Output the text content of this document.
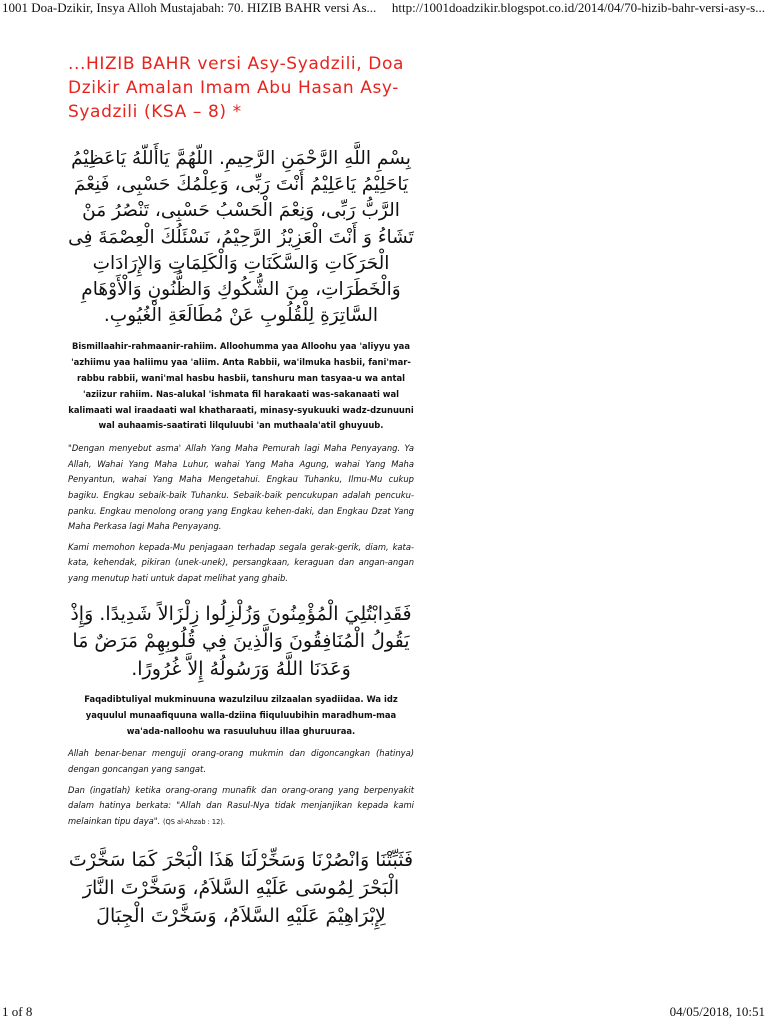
1001 Doa-Dzikir, Insya Alloh Mustajabah: 70. HIZIB BAHR versi As... http://1001doadzikir.blogspot.co.id/2014/04/70-hizib-bahr-versi-asy-s...
...HIZIB BAHR versi Asy-Syadzili, Doa Dzikir Amalan Imam Abu Hasan Asy-Syadzili (KSA – 8) *

بِسْمِ اللَّهِ الرَّحْمَنِ الرَّحِيمِ. اللّهُمَّ يَاأَللّهُ يَاعَظِيْمُ يَاحَلِيْمُ يَاعَلِيْمُ أَنْتَ رَبِّى، وَعِلْمُكَ حَسْبِى، فَنِعْمَ الرَّبُّ رَبِّى، وَنِعْمَ الْحَسْبُ حَسْبِى، تَنْصُرُ مَنْ تَشَاءُ وَ أَنْتَ الْعَزِيْزُ الرَّحِيْمُ، نَسْئَلُكَ الْعِصْمَةَ فِى الْحَرَكَاتِ وَالسَّكَنَاتِ وَالْكَلِمَاتِ وَالإِرَادَاتِ وَالْخَطَرَاتِ، مِنَ الشُّكُوكِ وَالظُّنُونِ وَالْأَوْهَامِ السَّاتِرَةِ لِلْقُلُوبِ عَنْ مُطَالَعَةِ الْغُيُوبِ.

Bismillaahir-rahmaanir-rahiim. Alloohumma yaa Alloohu yaa 'aliyyu yaa 'azhiimu yaa haliimu yaa 'aliim. Anta Rabbii, wa'ilmuka hasbii, fani'mar-rabbu rabbii, wani'mal hasbu hasbii, tanshuru man tasyaa-u wa antal 'aziizur rahiim. Nas-alukal 'ishmata fil harakaati was-sakanaati wal kalimaati wal iraadaati wal khatharaati, minasy-syukuuki wadz-dzunuuni wal auhaamis-saatirati lilquluubi 'an muthaala'atil ghuyuub.

"Dengan menyebut asma' Allah Yang Maha Pemurah lagi Maha Penyayang. Ya Allah, Wahai Yang Maha Luhur, wahai Yang Maha Agung, wahai Yang Maha Penyantun, wahai Yang Maha Mengetahui. Engkau Tuhanku, Ilmu-Mu cukup bagiku. Engkau sebaik-baik Tuhanku. Sebaik-baik pencukupan adalah pencuku-panku. Engkau menolong orang yang Engkau kehen-daki, dan Engkau Dzat Yang Maha Perkasa lagi Maha Penyayang.

Kami memohon kepada-Mu penjagaan terhadap segala gerak-gerik, diam, kata-kata, kehendak, pikiran (unek-unek), persangkaan, keraguan dan angan-angan yang menutup hati untuk dapat melihat yang ghaib.

فَقَدِابْتُلِيَ الْمُؤْمِنُونَ وَزُلْزِلُوا زِلْزَالاً شَدِيدًا. وَإِذْ يَقُولُ الْمُنَافِقُونَ وَالَّذِينَ فِي قُلُوبِهِمْ مَرَضٌ مَا وَعَدَنَا اللَّهُ وَرَسُولُهُ إِلاَّ غُرُورًا.

Faqadibtuliyal mukminuuna wazulziluu zilzaalan syadiidaa. Wa idz yaquulul munaafiquuna walla-dziina fiiquluubihin maradhum-maa wa'ada-nalloohu wa rasuuluhuu illaa ghuruuraa.

Allah benar-benar menguji orang-orang mukmin dan digoncangkan (hatinya) dengan goncangan yang sangat.

Dan (ingatlah) ketika orang-orang munafik dan orang-orang yang berpenyakit dalam hatinya berkata: "Allah dan Rasul-Nya tidak menjanjikan kepada kami melainkan tipu daya". (QS al-Ahzab : 12).

فَثَبِّتْنَا وَانْصُرْنَا وَسَخِّرْلَنَا هَذَا الْبَحْرَ كَمَا سَخَّرْتَ الْبَحْرَ لِمُوسَى عَلَيْهِ السَّلاَمُ، وَسَخَّرْتَ النَّارَ لِإِبْرَاهِيْمَ عَلَيْهِ السَّلاَمُ، وَسَخَّرْتَ الْجِبَالَ

1 of 8	04/05/2018, 10:51
